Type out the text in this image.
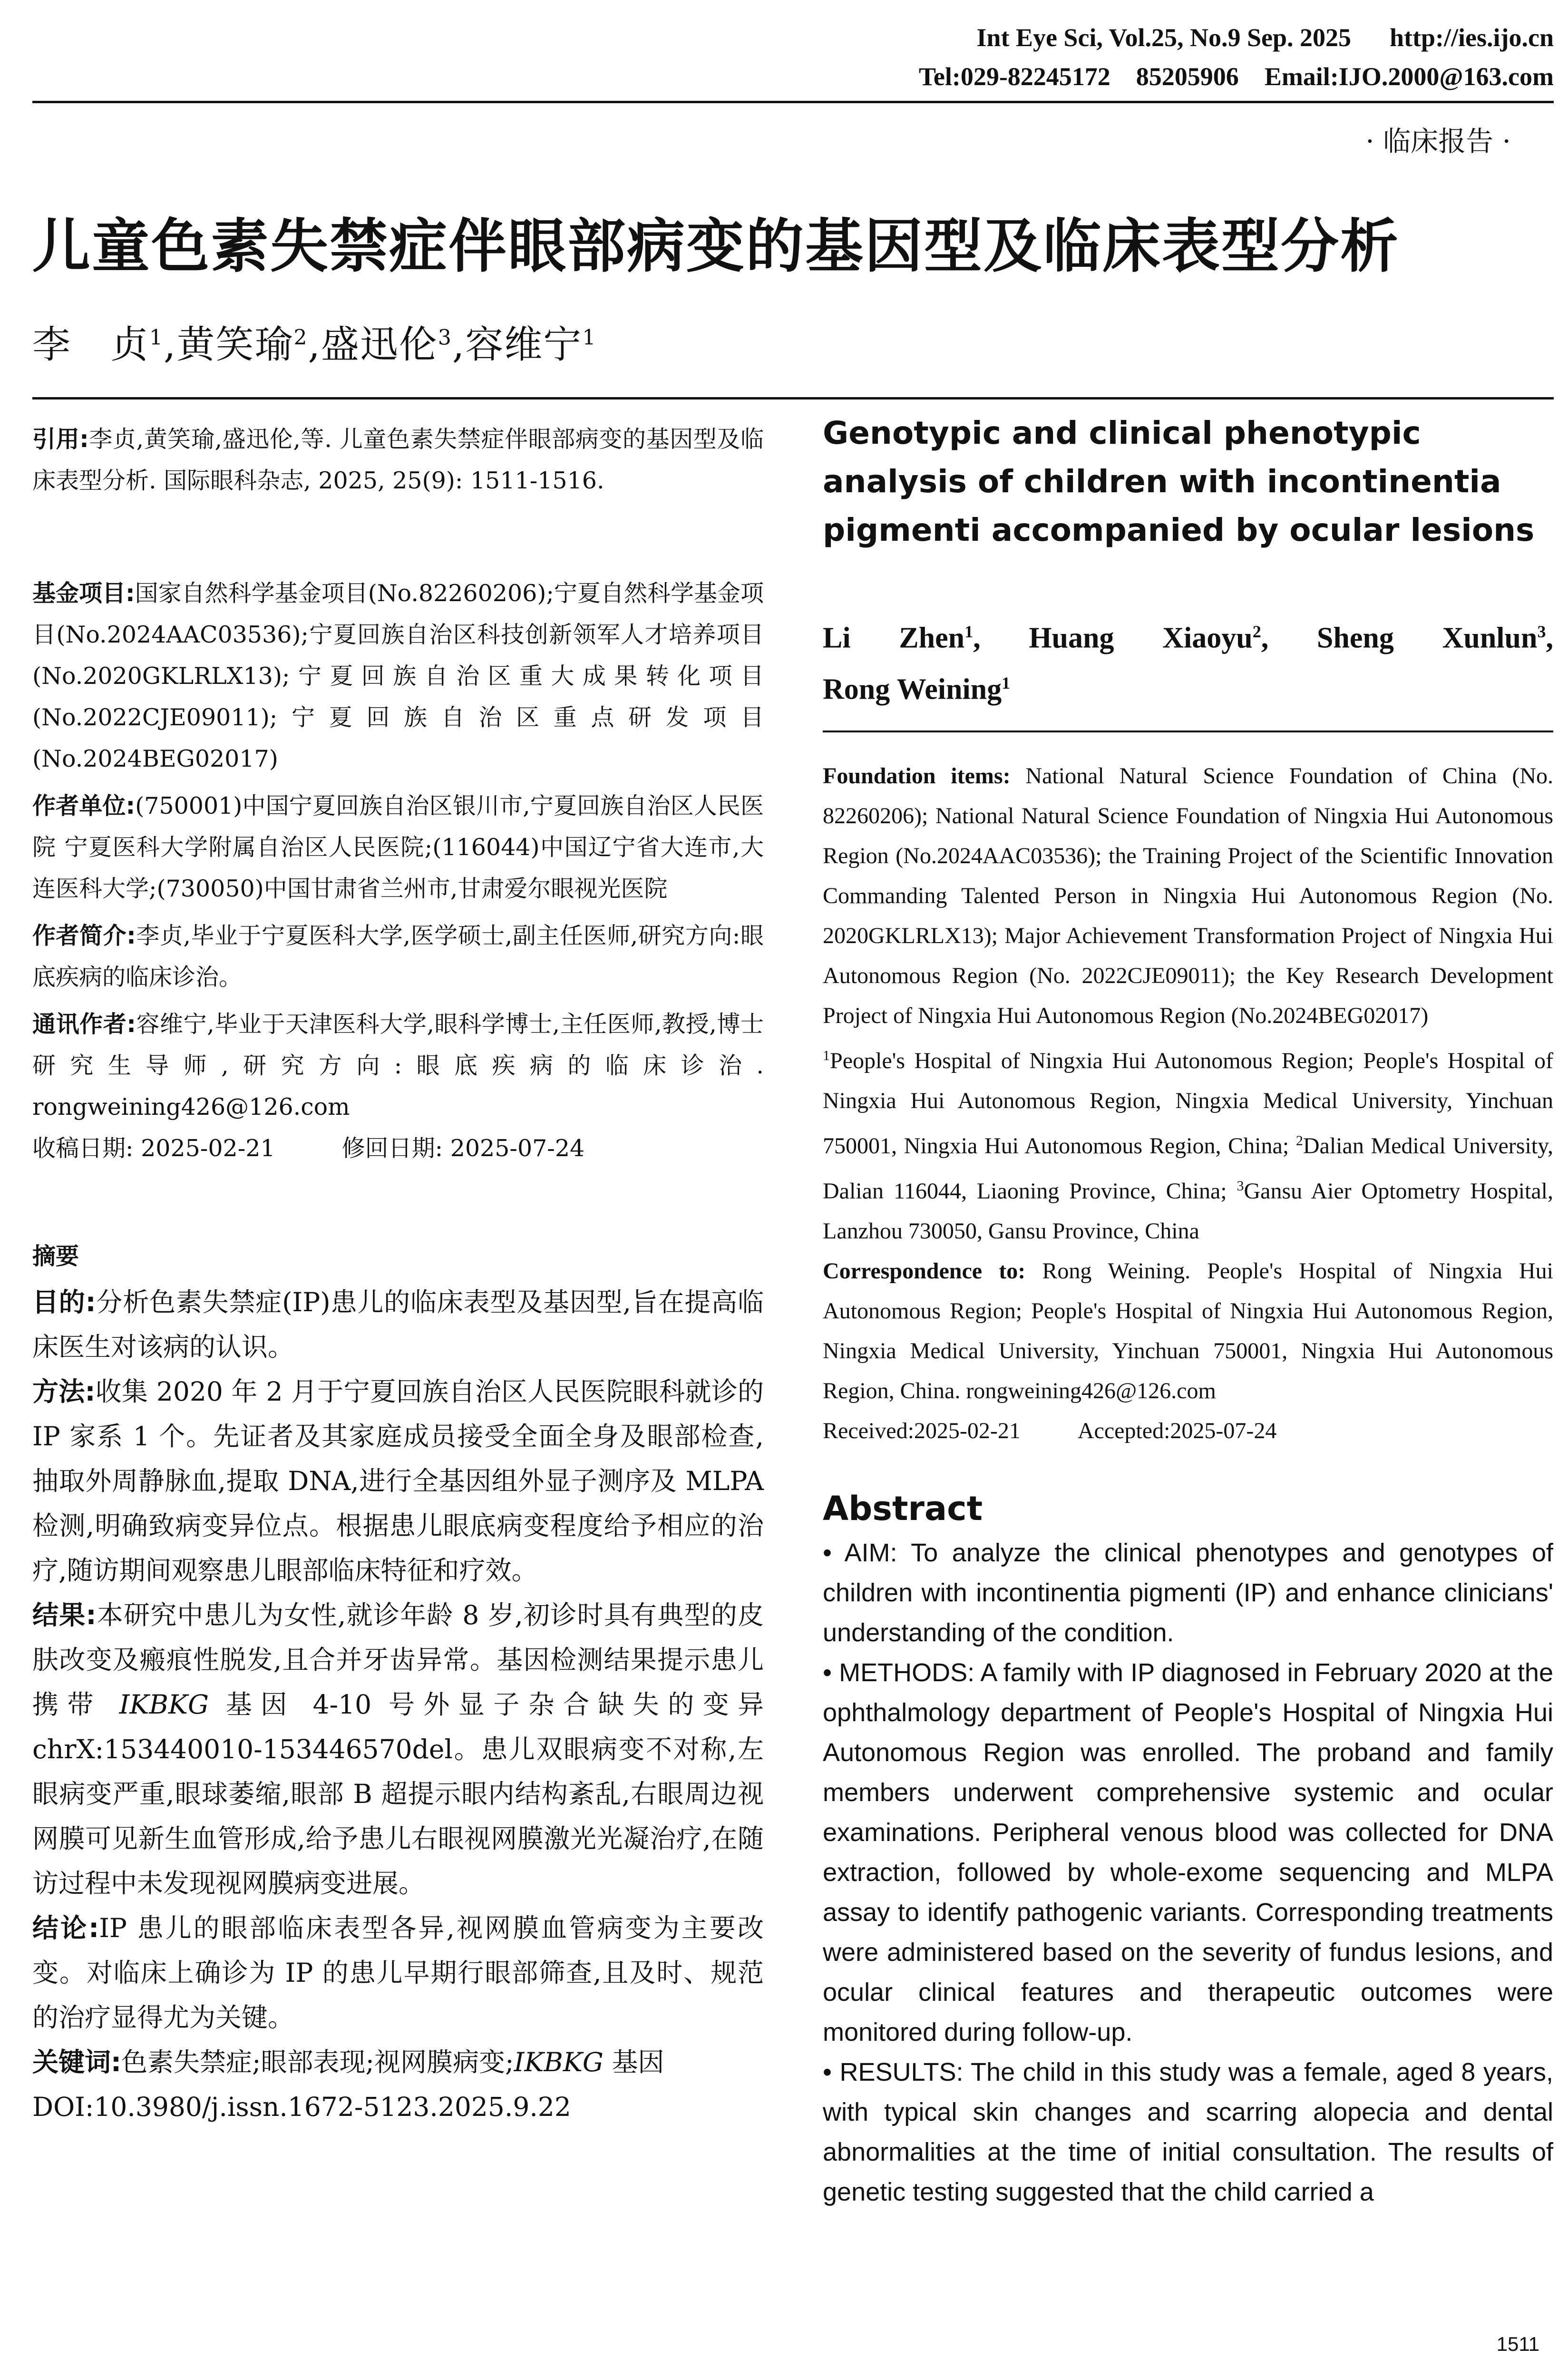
Int Eye Sci, Vol.25, No.9 Sep. 2025      http://ies.ijo.cn
Tel:029-82245172    85205906    Email:IJO.2000@163.com
· 临床报告 ·
儿童色素失禁症伴眼部病变的基因型及临床表型分析
李　贞$^1$,黄笑瑜$^2$,盛迅伦$^3$,容维宁$^1$

引用:李贞,黄笑瑜,盛迅伦,等. 儿童色素失禁症伴眼部病变的基因型及临床表型分析. 国际眼科杂志, 2025, 25(9): 1511-1516.

基金项目:国家自然科学基金项目(No.82260206);宁夏自然科学基金项目(No.2024AAC03536);宁夏回族自治区科技创新领军人才培养项目(No.2020GKLRLX13);宁夏回族自治区重大成果转化项目(No.2022CJE09011);宁夏回族自治区重点研发项目(No.2024BEG02017)

作者单位:(750001)中国宁夏回族自治区银川市,宁夏回族自治区人民医院 宁夏医科大学附属自治区人民医院;(116044)中国辽宁省大连市,大连医科大学;(730050)中国甘肃省兰州市,甘肃爱尔眼视光医院

作者简介:李贞,毕业于宁夏医科大学,医学硕士,副主任医师,研究方向:眼底疾病的临床诊治。

通讯作者:容维宁,毕业于天津医科大学,眼科学博士,主任医师,教授,博士研究生导师,研究方向:眼底疾病的临床诊治. rongweining426@126.com

收稿日期: 2025-02-21	修回日期: 2025-07-24

摘要

目的:分析色素失禁症(IP)患儿的临床表型及基因型,旨在提高临床医生对该病的认识。

方法:收集 2020 年 2 月于宁夏回族自治区人民医院眼科就诊的 IP 家系 1 个。先证者及其家庭成员接受全面全身及眼部检查,抽取外周静脉血,提取 DNA,进行全基因组外显子测序及 MLPA 检测,明确致病变异位点。根据患儿眼底病变程度给予相应的治疗,随访期间观察患儿眼部临床特征和疗效。

结果:本研究中患儿为女性,就诊年龄 8 岁,初诊时具有典型的皮肤改变及瘢痕性脱发,且合并牙齿异常。基因检测结果提示患儿携带 IKBKG 基因 4-10 号外显子杂合缺失的变异 chrX:153440010-153446570del。患儿双眼病变不对称,左眼病变严重,眼球萎缩,眼部 B 超提示眼内结构紊乱,右眼周边视网膜可见新生血管形成,给予患儿右眼视网膜激光光凝治疗,在随访过程中未发现视网膜病变进展。

结论:IP 患儿的眼部临床表型各异,视网膜血管病变为主要改变。对临床上确诊为 IP 的患儿早期行眼部筛查,且及时、规范的治疗显得尤为关键。

关键词:色素失禁症;眼部表现;视网膜病变;IKBKG 基因

DOI:10.3980/j.issn.1672-5123.2025.9.22

Genotypic and clinical phenotypic analysis of children with incontinentia pigmenti accompanied by ocular lesions
Li Zhen$^1$, Huang Xiaoyu$^2$, Sheng Xunlun$^3$,
Rong Weining$^1$
Foundation items: National Natural Science Foundation of China (No. 82260206); National Natural Science Foundation of Ningxia Hui Autonomous Region (No.2024AAC03536); the Training Project of the Scientific Innovation Commanding Talented Person in Ningxia Hui Autonomous Region (No. 2020GKLRLX13); Major Achievement Transformation Project of Ningxia Hui Autonomous Region (No. 2022CJE09011); the Key Research Development Project of Ningxia Hui Autonomous Region (No.2024BEG02017)
$^1$People's Hospital of Ningxia Hui Autonomous Region; People's Hospital of Ningxia Hui Autonomous Region, Ningxia Medical University, Yinchuan 750001, Ningxia Hui Autonomous Region, China; $^2$Dalian Medical University, Dalian 116044, Liaoning Province, China; $^3$Gansu Aier Optometry Hospital, Lanzhou 730050, Gansu Province, China
Correspondence to: Rong Weining. People's Hospital of Ningxia Hui Autonomous Region; People's Hospital of Ningxia Hui Autonomous Region, Ningxia Medical University, Yinchuan 750001, Ningxia Hui Autonomous Region, China. rongweining426@126.com
Received:2025-02-21	Accepted:2025-07-24
Abstract
• AIM: To analyze the clinical phenotypes and genotypes of children with incontinentia pigmenti (IP) and enhance clinicians' understanding of the condition.
• METHODS: A family with IP diagnosed in February 2020 at the ophthalmology department of People's Hospital of Ningxia Hui Autonomous Region was enrolled. The proband and family members underwent comprehensive systemic and ocular examinations. Peripheral venous blood was collected for DNA extraction, followed by whole-exome sequencing and MLPA assay to identify pathogenic variants. Corresponding treatments were administered based on the severity of fundus lesions, and ocular clinical features and therapeutic outcomes were monitored during follow-up.
• RESULTS: The child in this study was a female, aged 8 years, with typical skin changes and scarring alopecia and dental abnormalities at the time of initial consultation. The results of genetic testing suggested that the child carried a
1511
